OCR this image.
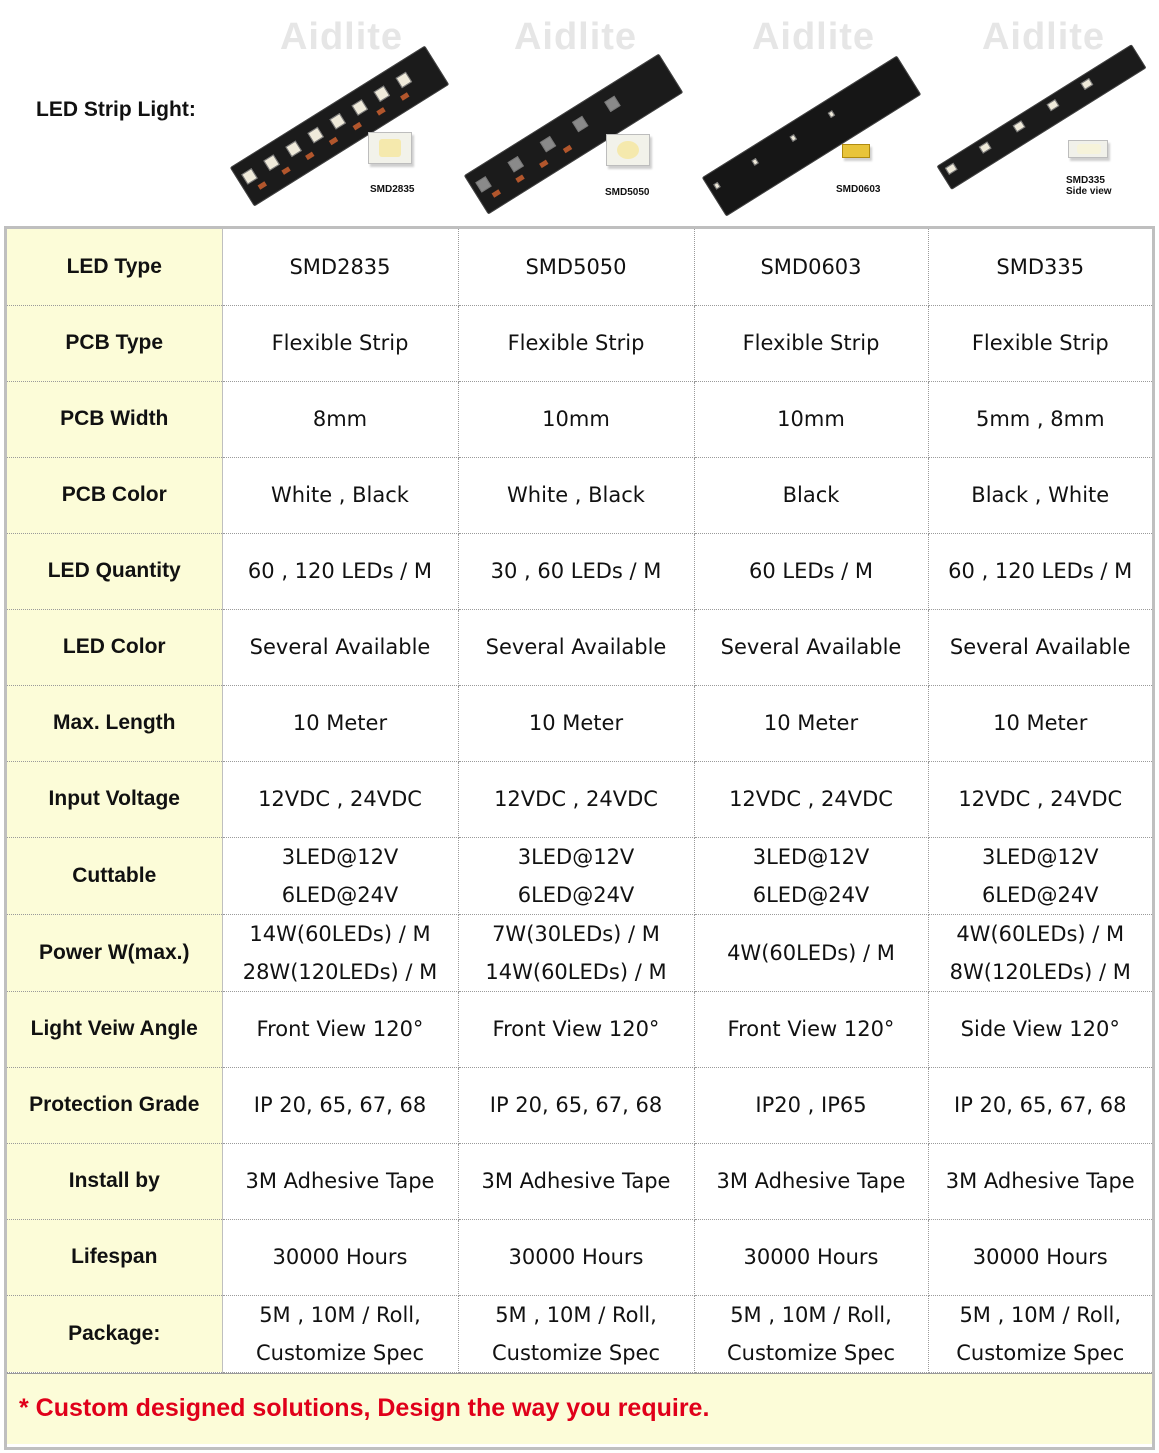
LED Strip Light:
Aidlite
SMD2835
Aidlite
SMD5050
Aidlite
SMD0603
Aidlite
SMD335
Side view
LED Type	SMD2835	SMD5050	SMD0603	SMD335

PCB Type	Flexible Strip	Flexible Strip	Flexible Strip	Flexible Strip

PCB Width	8mm	10mm	10mm	5mm , 8mm

PCB Color	White , Black	White , Black	Black	Black , White

LED Quantity	60 , 120 LEDs / M	30 , 60 LEDs / M	60 LEDs / M	60 , 120 LEDs / M

LED Color	Several Available	Several Available	Several Available	Several Available

Max. Length	10 Meter	10 Meter	10 Meter	10 Meter

Input Voltage	12VDC , 24VDC	12VDC , 24VDC	12VDC , 24VDC	12VDC , 24VDC

Cuttable	3LED@12V
6LED@24V	3LED@12V
6LED@24V	3LED@12V
6LED@24V	3LED@12V
6LED@24V

Power W(max.)	14W(60LEDs) / M
28W(120LEDs) / M	7W(30LEDs) / M
14W(60LEDs) / M	4W(60LEDs) / M	4W(60LEDs) / M
8W(120LEDs) / M

Light Veiw Angle	Front View 120°	Front View 120°	Front View 120°	Side View 120°

Protection Grade	IP 20, 65, 67, 68	IP 20, 65, 67, 68	IP20 , IP65	IP 20, 65, 67, 68

Install by	3M Adhesive Tape	3M Adhesive Tape	3M Adhesive Tape	3M Adhesive Tape

Lifespan	30000 Hours	30000 Hours	30000 Hours	30000 Hours

Package:	5M , 10M / Roll,
Customize Spec	5M , 10M / Roll,
Customize Spec	5M , 10M / Roll,
Customize Spec	5M , 10M / Roll,
Customize Spec
* Custom designed solutions, Design the way you require.
